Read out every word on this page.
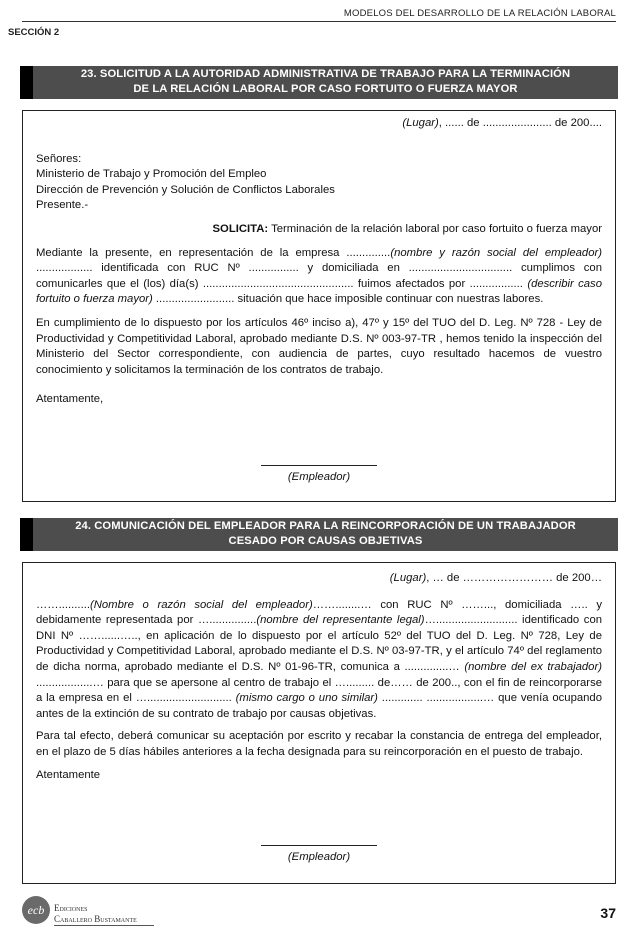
MODELOS DEL DESARROLLO DE LA RELACIÓN LABORAL
SECCIÓN 2
23. SOLICITUD A LA AUTORIDAD ADMINISTRATIVA DE TRABAJO PARA LA TERMINACIÓN
DE LA RELACIÓN LABORAL POR CASO FORTUITO O FUERZA MAYOR

(Lugar), ...... de ...................... de 200....

Señores:

Ministerio de Trabajo y Promoción del Empleo

Dirección de Prevención y Solución de Conflictos Laborales

Presente.-

SOLICITA: Terminación de la relación laboral por caso fortuito o fuerza mayor

Mediante la presente, en representación de la empresa ..............(nombre y razón social del empleador) .................. identificada con RUC Nº ................ y domiciliada en ................................. cumplimos con comunicarles que el (los) día(s) ................................................ fuimos afectados por ................. (describir caso fortuito o fuerza mayor) ......................... situación que hace imposible continuar con nuestras labores.

En cumplimiento de lo dispuesto por los artículos 46º inciso a), 47º y 15º del TUO del D. Leg. Nº 728 - Ley de Productividad y Competitividad Laboral, aprobado mediante D.S. Nº 003-97-TR , hemos tenido la inspección del Ministerio del Sector correspondiente, con audiencia de partes, cuyo resultado hacemos de vuestro conocimiento y solicitamos la terminación de los contratos de trabajo.

Atentamente,

(Empleador)

24. COMUNICACIÓN DEL EMPLEADOR PARA LA REINCORPORACIÓN DE UN TRABAJADOR
CESADO POR CAUSAS OBJETIVAS

(Lugar), … de …………………… de 200…

……..........(Nombre o razón social del empleador)……........… con RUC Nº ……..., domiciliada ….. y debidamente representada por …...............(nombre del representante legal)….......................... identificado con DNI Nº ……......….., en aplicación de lo dispuesto por el artículo 52º del TUO del D. Leg. Nº 728, Ley de Productividad y Competitividad Laboral, aprobado mediante el D.S. Nº 03-97-TR, y el artículo 74º del reglamento de dicha norma, aprobado mediante el D.S. Nº 01-96-TR, comunica a ..............… (nombre del ex trabajador) ..................… para que se apersone al centro de trabajo el …......... de…… de 200.., con el fin de reincorporarse a la empresa en el …........................... (mismo cargo o uno similar) ............. ..................… que venía ocupando antes de la extinción de su contrato de trabajo por causas objetivas.

Para tal efecto, deberá comunicar su aceptación por escrito y recabar la constancia de entrega del empleador, en el plazo de 5 días hábiles anteriores a la fecha designada para su reincorporación en el puesto de trabajo.

Atentamente

(Empleador)

ecb	Ediciones
Caballero Bustamante	37
